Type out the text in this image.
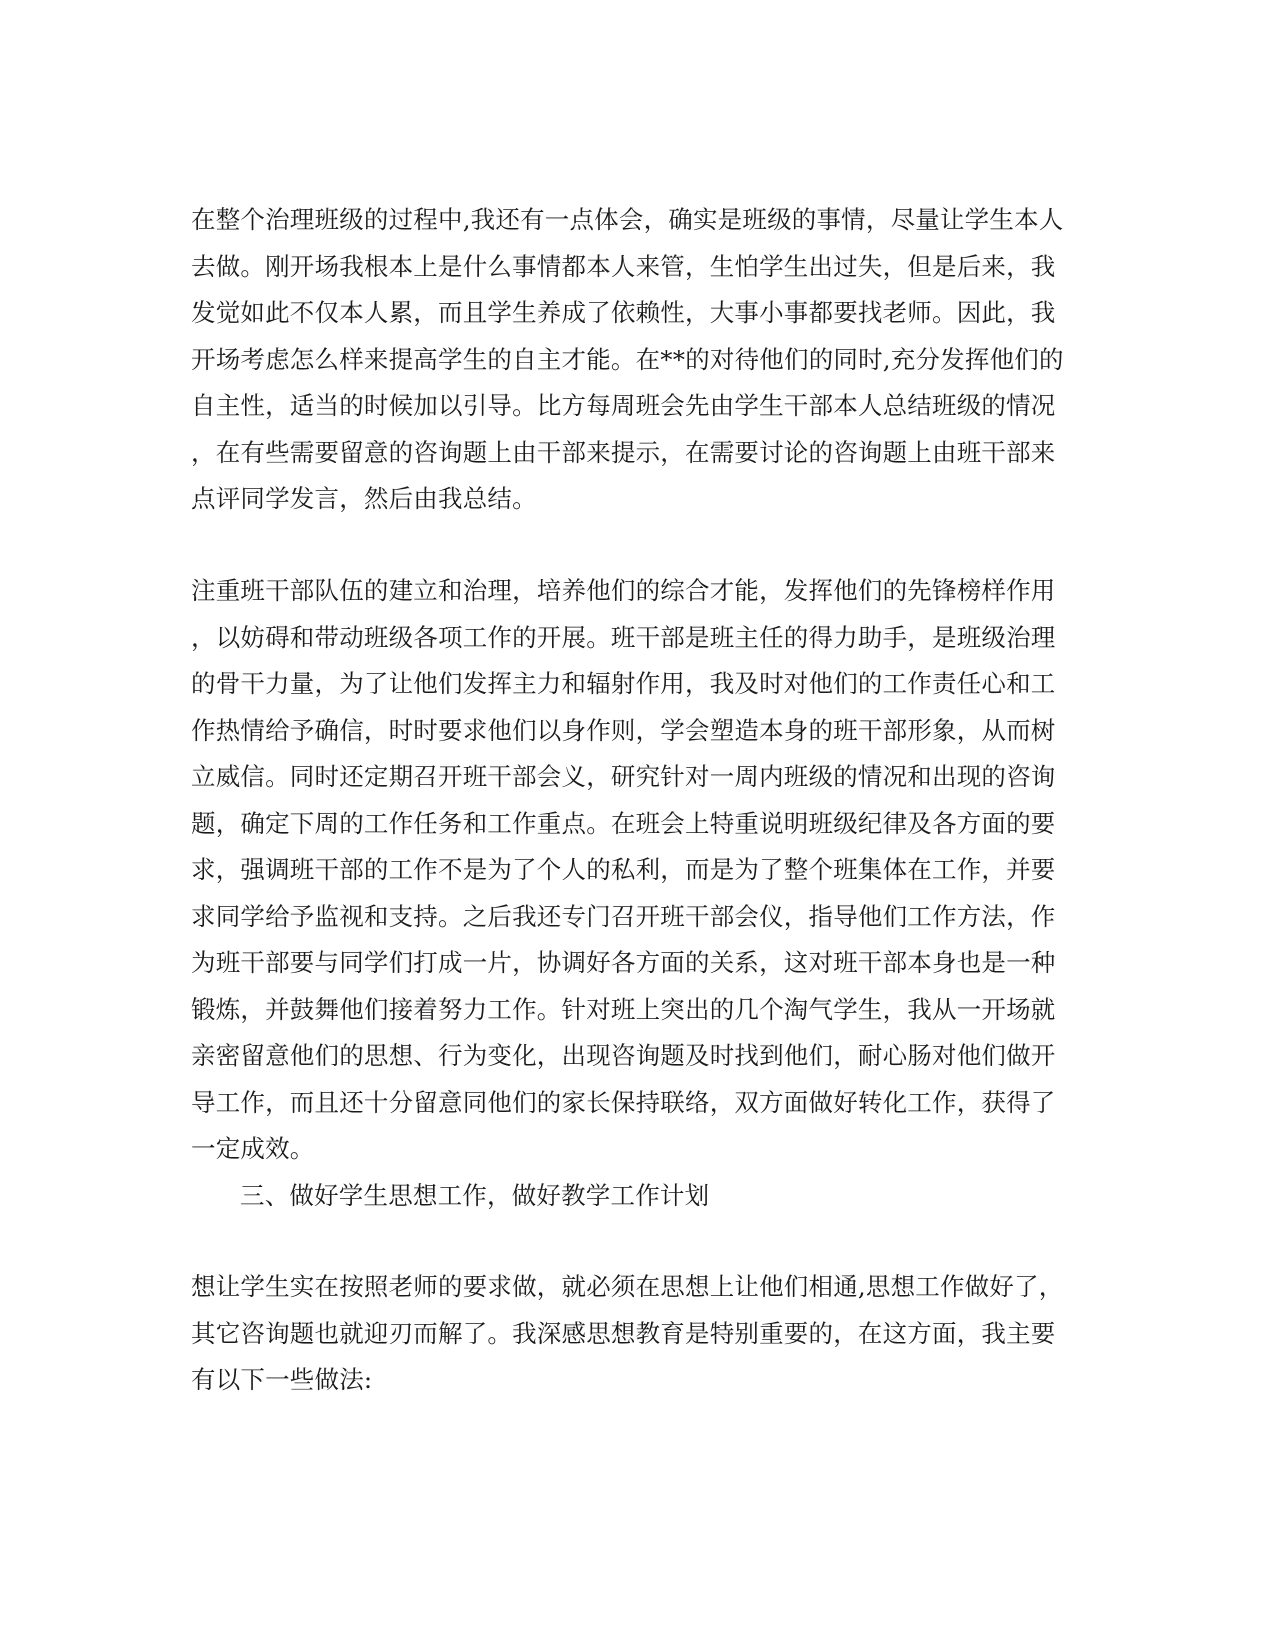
在整个治理班级的过程中,我还有一点体会，确实是班级的事情，尽量让学生本人
去做。刚开场我根本上是什么事情都本人来管，生怕学生出过失，但是后来，我
发觉如此不仅本人累，而且学生养成了依赖性，大事小事都要找老师。因此，我
开场考虑怎么样来提高学生的自主才能。在**的对待他们的同时,充分发挥他们的
自主性，适当的时候加以引导。比方每周班会先由学生干部本人总结班级的情况
，在有些需要留意的咨询题上由干部来提示，在需要讨论的咨询题上由班干部来
点评同学发言，然后由我总结。
注重班干部队伍的建立和治理，培养他们的综合才能，发挥他们的先锋榜样作用
，以妨碍和带动班级各项工作的开展。班干部是班主任的得力助手，是班级治理
的骨干力量，为了让他们发挥主力和辐射作用，我及时对他们的工作责任心和工
作热情给予确信，时时要求他们以身作则，学会塑造本身的班干部形象，从而树
立威信。同时还定期召开班干部会义，研究针对一周内班级的情况和出现的咨询
题，确定下周的工作任务和工作重点。在班会上特重说明班级纪律及各方面的要
求，强调班干部的工作不是为了个人的私利，而是为了整个班集体在工作，并要
求同学给予监视和支持。之后我还专门召开班干部会仪，指导他们工作方法，作
为班干部要与同学们打成一片，协调好各方面的关系，这对班干部本身也是一种
锻炼，并鼓舞他们接着努力工作。针对班上突出的几个淘气学生，我从一开场就
亲密留意他们的思想、行为变化，出现咨询题及时找到他们，耐心肠对他们做开
导工作，而且还十分留意同他们的家长保持联络，双方面做好转化工作，获得了
一定成效。
三、做好学生思想工作，做好教学工作计划
想让学生实在按照老师的要求做，就必须在思想上让他们相通,思想工作做好了，
其它咨询题也就迎刃而解了。我深感思想教育是特别重要的，在这方面，我主要
有以下一些做法:
